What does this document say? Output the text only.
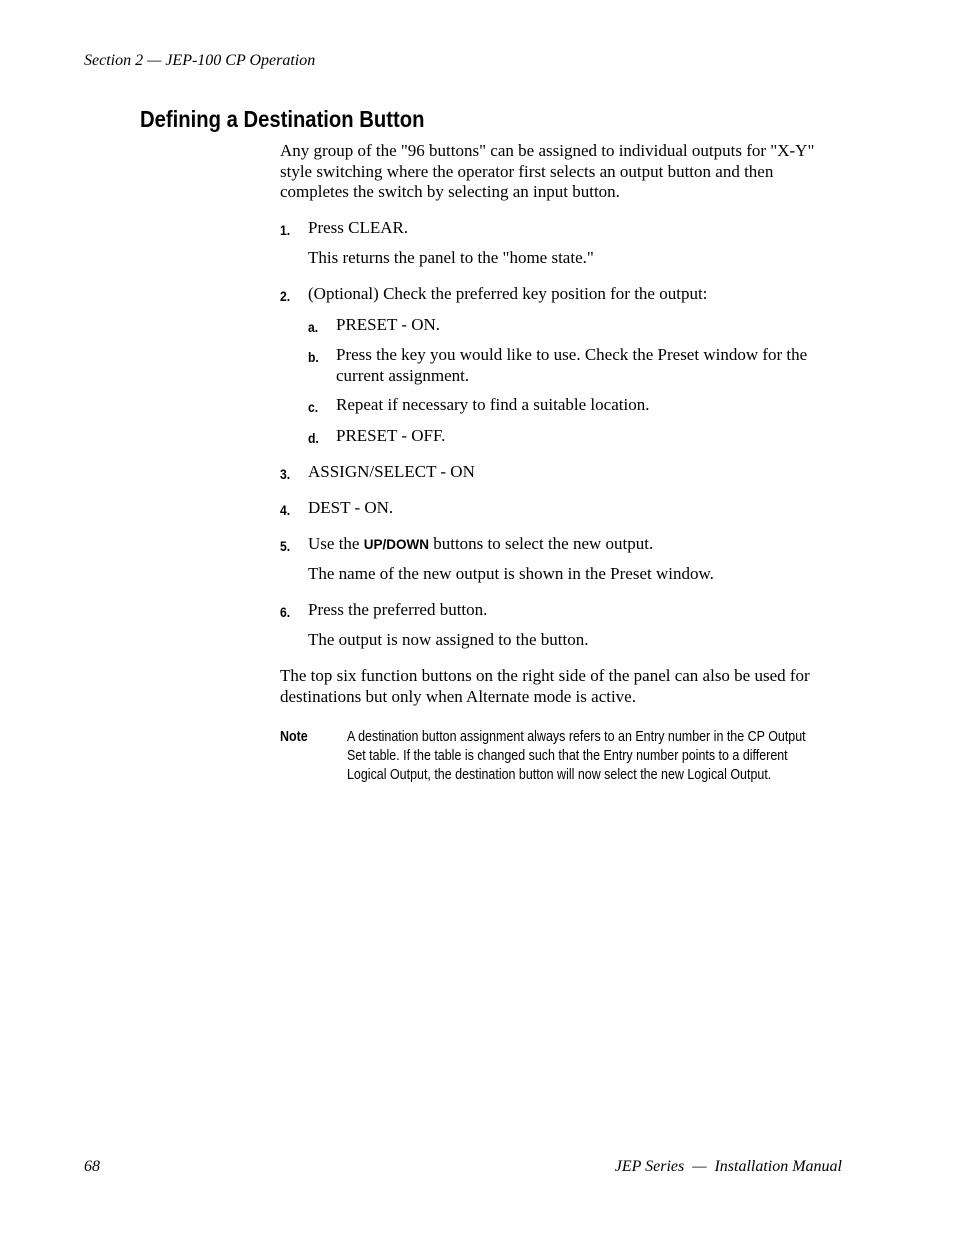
Section 2 — JEP-100 CP Operation
Defining a Destination Button

Any group of the "96 buttons" can be assigned to individual outputs for "X-Y" style switching where the operator first selects an output button and then completes the switch by selecting an input button.

1. Press CLEAR.

This returns the panel to the "home state."

2. (Optional) Check the preferred key position for the output:

a. PRESET - ON.

b. Press the key you would like to use. Check the Preset window for the current assignment.

c. Repeat if necessary to find a suitable location.

d. PRESET - OFF.

3. ASSIGN/SELECT - ON

4. DEST - ON.

5. Use the UP/DOWN buttons to select the new output.

The name of the new output is shown in the Preset window.

6. Press the preferred button.

The output is now assigned to the button.

The top six function buttons on the right side of the panel can also be used for destinations but only when Alternate mode is active.

Note	A destination button assignment always refers to an Entry number in the CP Output Set table. If the table is changed such that the Entry number points to a different Logical Output, the destination button will now select the new Logical Output.

68	JEP Series  —  Installation Manual
